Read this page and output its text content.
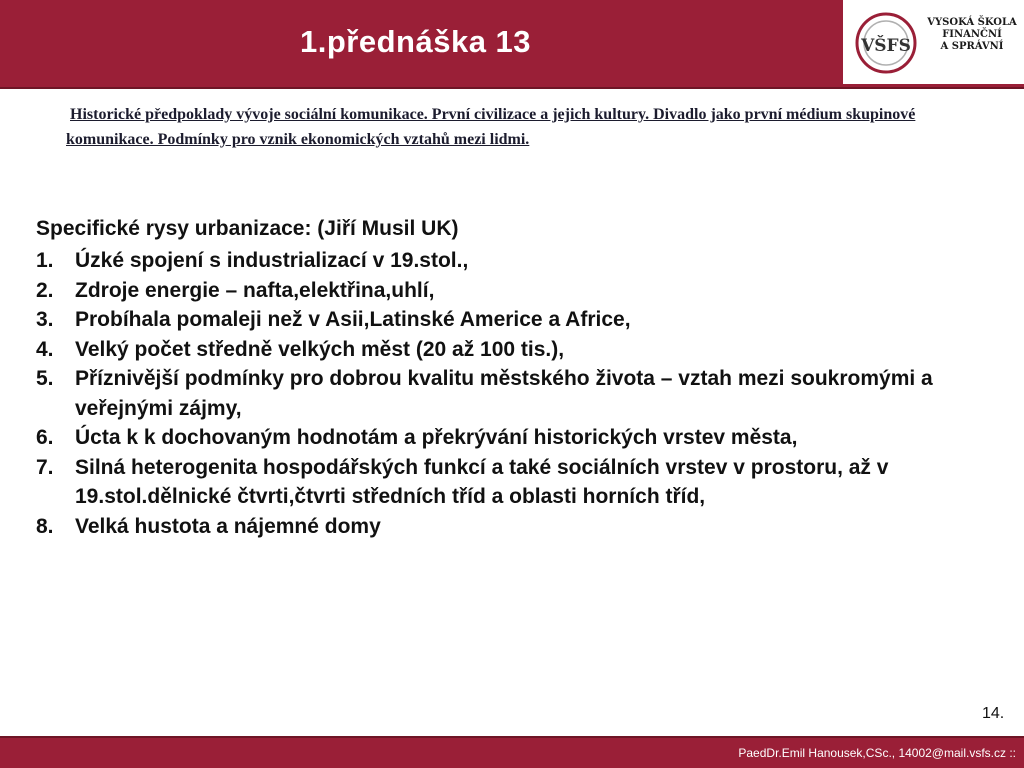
1.přednáška 13	VŠFS
VYSOKÁ ŠKOLA
FINANČNÍ
A SPRÁVNÍ

Historické předpoklady vývoje sociální komunikace. První civilizace a jejich kultury. Divadlo jako první médium skupinové komunikace. Podmínky pro vznik ekonomických vztahů mezi lidmi.

Specifické rysy urbanizace: (Jiří Musil UK)
1. Úzké spojení s industrializací v 19.stol.,
2. Zdroje energie – nafta,elektřina,uhlí,
3. Probíhala pomaleji než v Asii,Latinské Americe a Africe,
4. Velký počet středně velkých měst (20 až 100 tis.),
5. Příznivější podmínky pro dobrou kvalitu městského života – vztah mezi soukromými a veřejnými zájmy,
6. Úcta k k dochovaným hodnotám a překrývání historických vrstev města,
7. Silná heterogenita hospodářských funkcí a také sociálních vrstev v prostoru, až v 19.stol.dělnické čtvrti,čtvrti středních tříd a oblasti horních tříd,
8. Velká hustota a nájemné domy
14.
PaedDr.Emil Hanousek,CSc., 14002@mail.vsfs.cz ::
